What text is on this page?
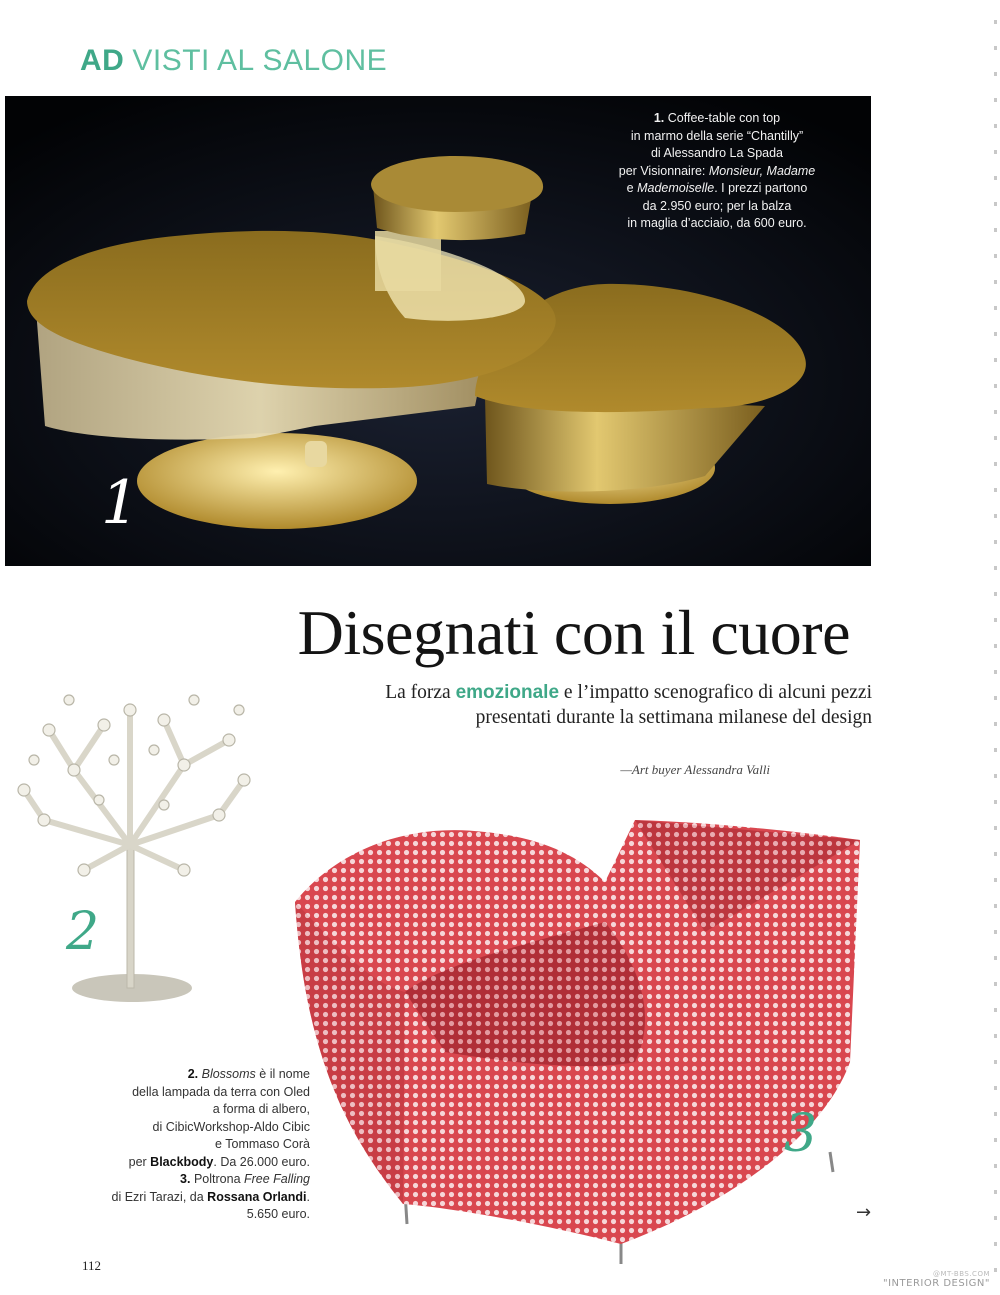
AD VISTI AL SALONE
1. Coffee-table con top
in marmo della serie “Chantilly”
di Alessandro La Spada
per Visionnaire: Monsieur, Madame
e Mademoiselle. I prezzi partono
da 2.950 euro; per la balza
in maglia d’acciaio, da 600 euro.
1
Disegnati con il cuore
La forza emozionale e l’impatto scenografico di alcuni pezzi
presentati durante la settimana milanese del design
—Art buyer Alessandra Valli
2
3
2. Blossoms è il nome
della lampada da terra con Oled
a forma di albero,
di CibicWorkshop-Aldo Cibic
e Tommaso Corà
per Blackbody. Da 26.000 euro.
3. Poltrona Free Falling
di Ezri Tarazi, da Rossana Orlandi.
5.650 euro.	→
112
@MT-BBS.COM
"INTERIOR DESIGN"
